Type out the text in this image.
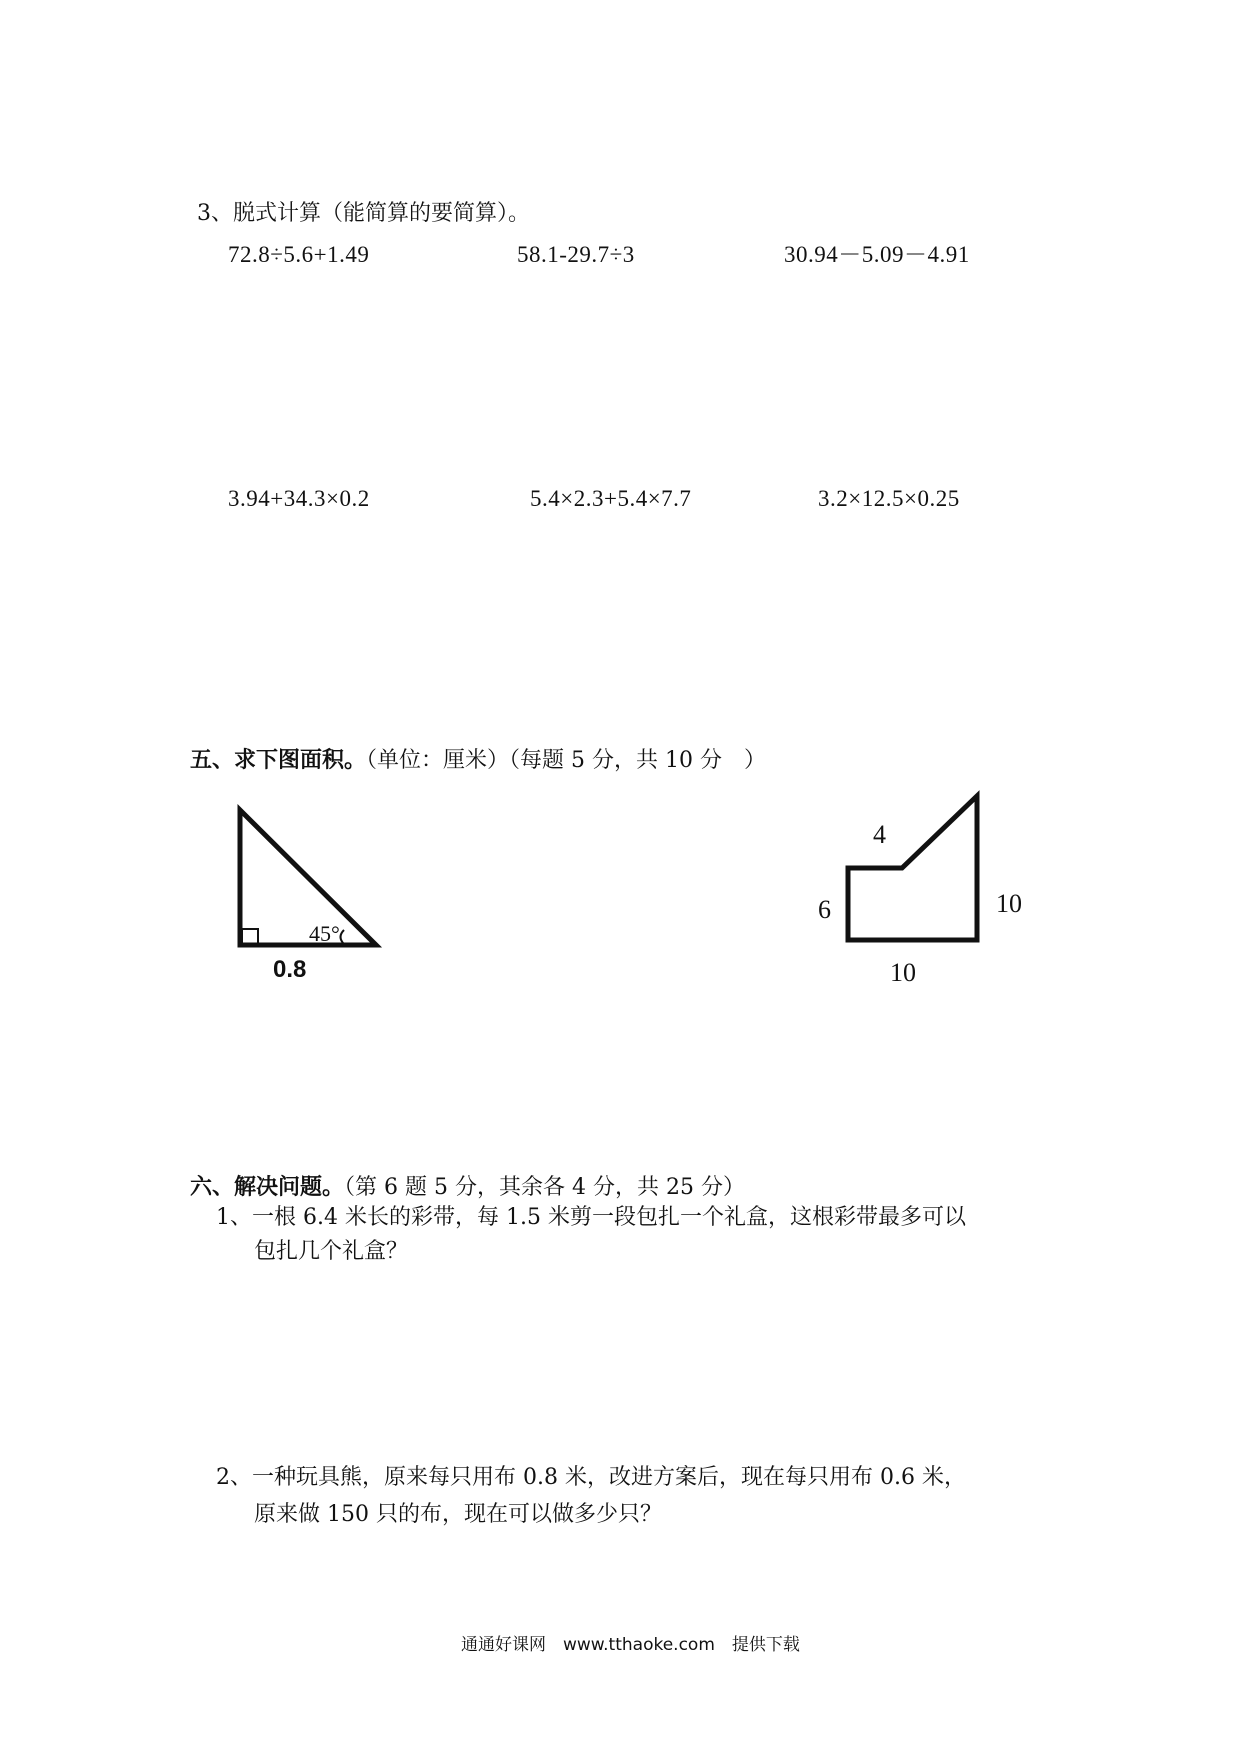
3、脱式计算（能简算的要简算）。
72.8÷5.6+1.49	58.1-29.7÷3	30.94－5.09－4.91
3.94+34.3×0.2	5.4×2.3+5.4×7.7	3.2×12.5×0.25
五、求下图面积。（单位：厘米）（每题 5 分，共 10 分　）
45°
0.8
4
6	10
10
六、解决问题。（第 6 题 5 分，其余各 4 分，共 25 分）
1、一根 6.4 米长的彩带，每 1.5 米剪一段包扎一个礼盒，这根彩带最多可以
包扎几个礼盒？
2、一种玩具熊，原来每只用布 0.8 米，改进方案后，现在每只用布 0.6 米，
原来做 150 只的布，现在可以做多少只？
通通好课网　www.tthaoke.com　提供下载
